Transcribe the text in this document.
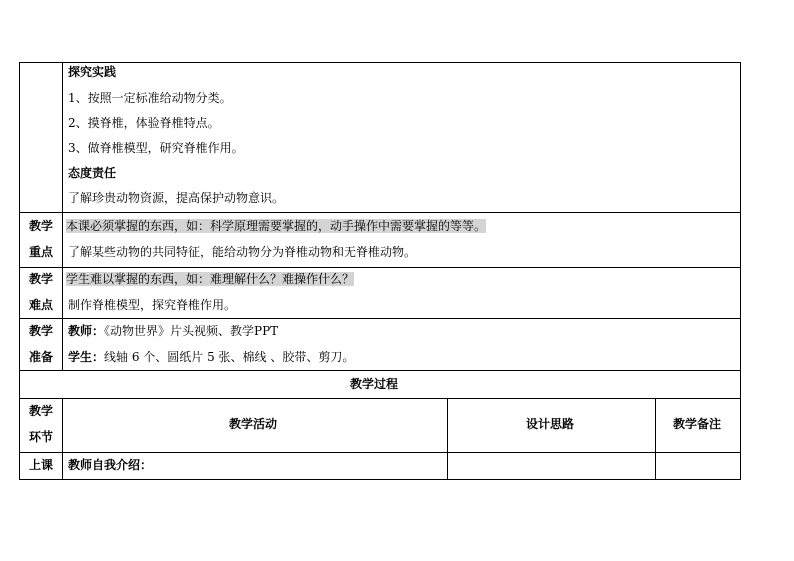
探究实践
1、按照一定标准给动物分类。
2、摸脊椎，体验脊椎特点。
3、做脊椎模型，研究脊椎作用。
态度责任
了解珍贵动物资源，提高保护动物意识。
教学
重点
本课必须掌握的东西，如：科学原理需要掌握的，动手操作中需要掌握的等等。
了解某些动物的共同特征，能给动物分为脊椎动物和无脊椎动物。
教学
难点
学生难以掌握的东西，如：难理解什么？难操作什么？
制作脊椎模型，探究脊椎作用。
教学
准备
教师：《动物世界》片头视频、教学PPT
学生：线轴 6 个、圆纸片 5 张、棉线 、胶带、剪刀。
教学过程
教学
环节
教学活动	设计思路	教学备注
上课 教师自我介绍：
